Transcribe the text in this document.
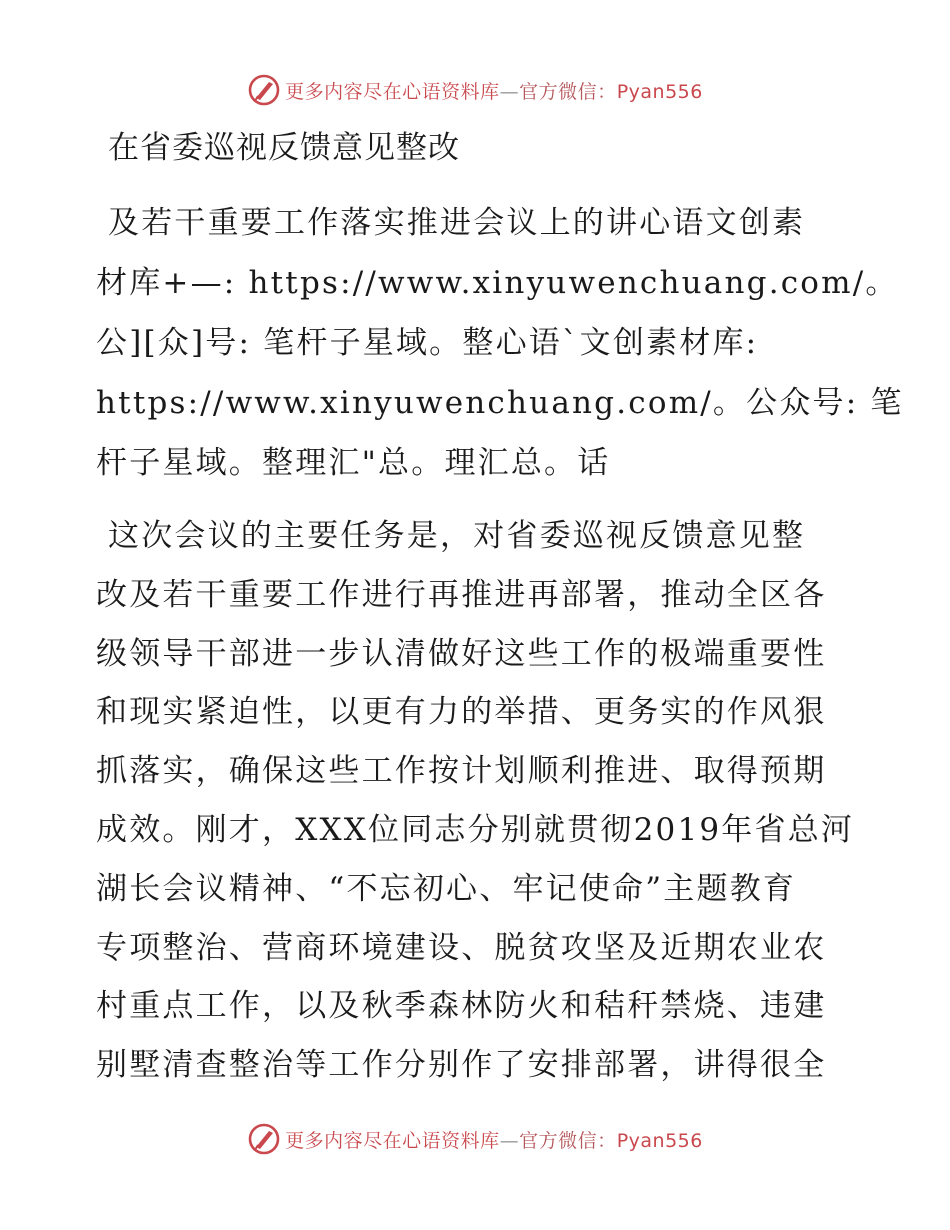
更多内容尽在心语资料库—官方微信：Pyan556
在省委巡视反馈意见整改
及若干重要工作落实推进会议上的讲心语文创素
材库+—: https://www.xinyuwenchuang.com/。
公][众]号: 笔杆子星域。整心语`文创素材库:
https://www.xinyuwenchuang.com/。公众号: 笔
杆子星域。整理汇"总。理汇总。话
这次会议的主要任务是，对省委巡视反馈意见整
改及若干重要工作进行再推进再部署，推动全区各
级领导干部进一步认清做好这些工作的极端重要性
和现实紧迫性，以更有力的举措、更务实的作风狠
抓落实，确保这些工作按计划顺利推进、取得预期
成效。刚才，XXX位同志分别就贯彻2019年省总河
湖长会议精神、“不忘初心、牢记使命”主题教育
专项整治、营商环境建设、脱贫攻坚及近期农业农
村重点工作，以及秋季森林防火和秸秆禁烧、违建
别墅清查整治等工作分别作了安排部署，讲得很全
更多内容尽在心语资料库—官方微信：Pyan556
